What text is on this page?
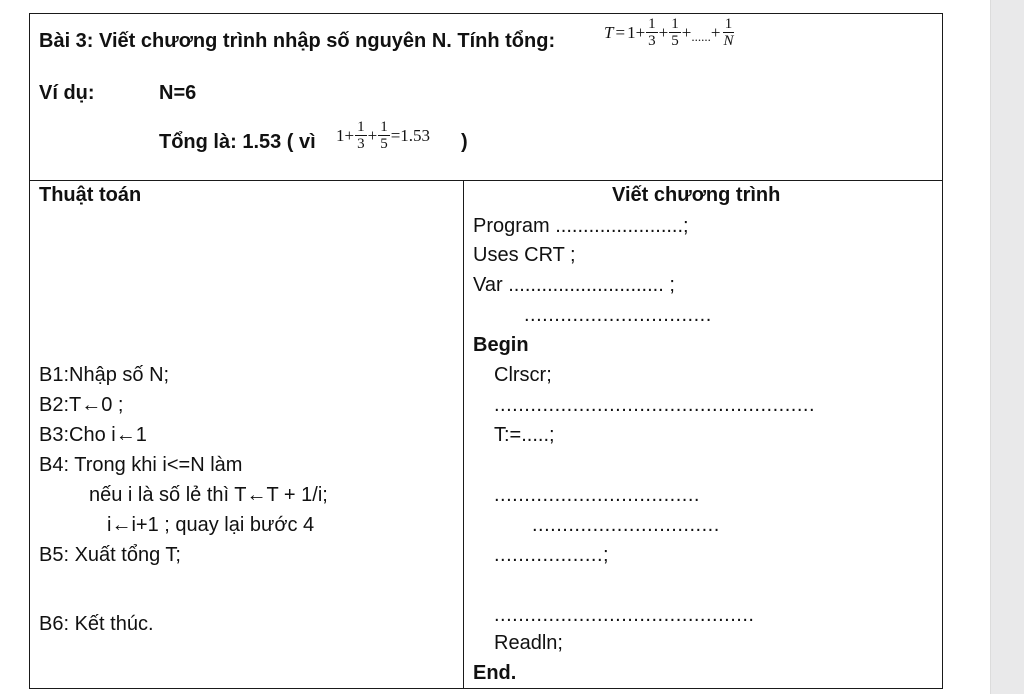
Bài 3: Viết chương trình nhập số nguyên N. Tính tổng:	$T = 1 + \frac{1}{3} + \frac{1}{5}$ + ...... + $\frac{1}{N}$
Ví dụ:	N=6
Tổng là: 1.53 ( vì $1 + \frac{1}{3} + \frac{1}{5} =1.53$ )
Thuật toán
B1:Nhập số N;
B2:T←0 ;
B3:Cho i←1
B4: Trong khi i<=N làm
nếu i là số lẻ thì T←T + 1/i;
i←i+1 ; quay lại bước 4
B5: Xuất tổng T;
B6: Kết thúc.
Viết chương trình
Program .......................;
Uses CRT ;
Var ............................ ;
...............................
Begin
Clrscr;
.....................................................
T:=.....;
..................................
...............................
..................;
...........................................
Readln;
End.
